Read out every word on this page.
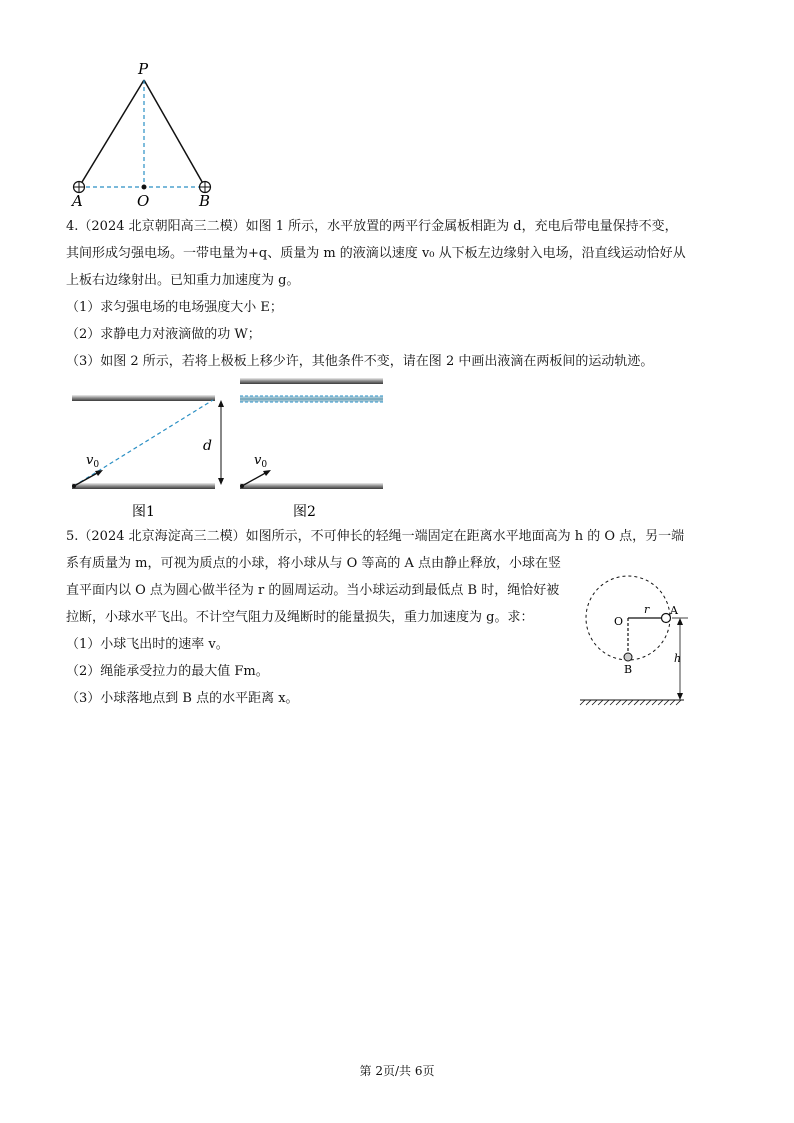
P
A	O	B
4.（2024 北京朝阳高三二模）如图 1 所示，水平放置的两平行金属板相距为 d，充电后带电量保持不变，
其间形成匀强电场。一带电量为+q、质量为 m 的液滴以速度 v₀ 从下板左边缘射入电场，沿直线运动恰好从
上板右边缘射出。已知重力加速度为 g。
（1）求匀强电场的电场强度大小 E；
（2）求静电力对液滴做的功 W；
（3）如图 2 所示，若将上极板上移少许，其他条件不变，请在图 2 中画出液滴在两板间的运动轨迹。
$v_0$
d
图1
$v_0$
图2
5.（2024 北京海淀高三二模）如图所示，不可伸长的轻绳一端固定在距离水平地面高为 h 的 O 点，另一端
系有质量为 m，可视为质点的小球，将小球从与 O 等高的 A 点由静止释放，小球在竖
直平面内以 O 点为圆心做半径为 r 的圆周运动。当小球运动到最低点 B 时，绳恰好被
拉断，小球水平飞出。不计空气阻力及绳断时的能量损失，重力加速度为 g。求：
（1）小球飞出时的速率 v。
（2）绳能承受拉力的最大值 Fm。
（3）小球落地点到 B 点的水平距离 x。
O
r A
B
h
第 2页/共 6页
